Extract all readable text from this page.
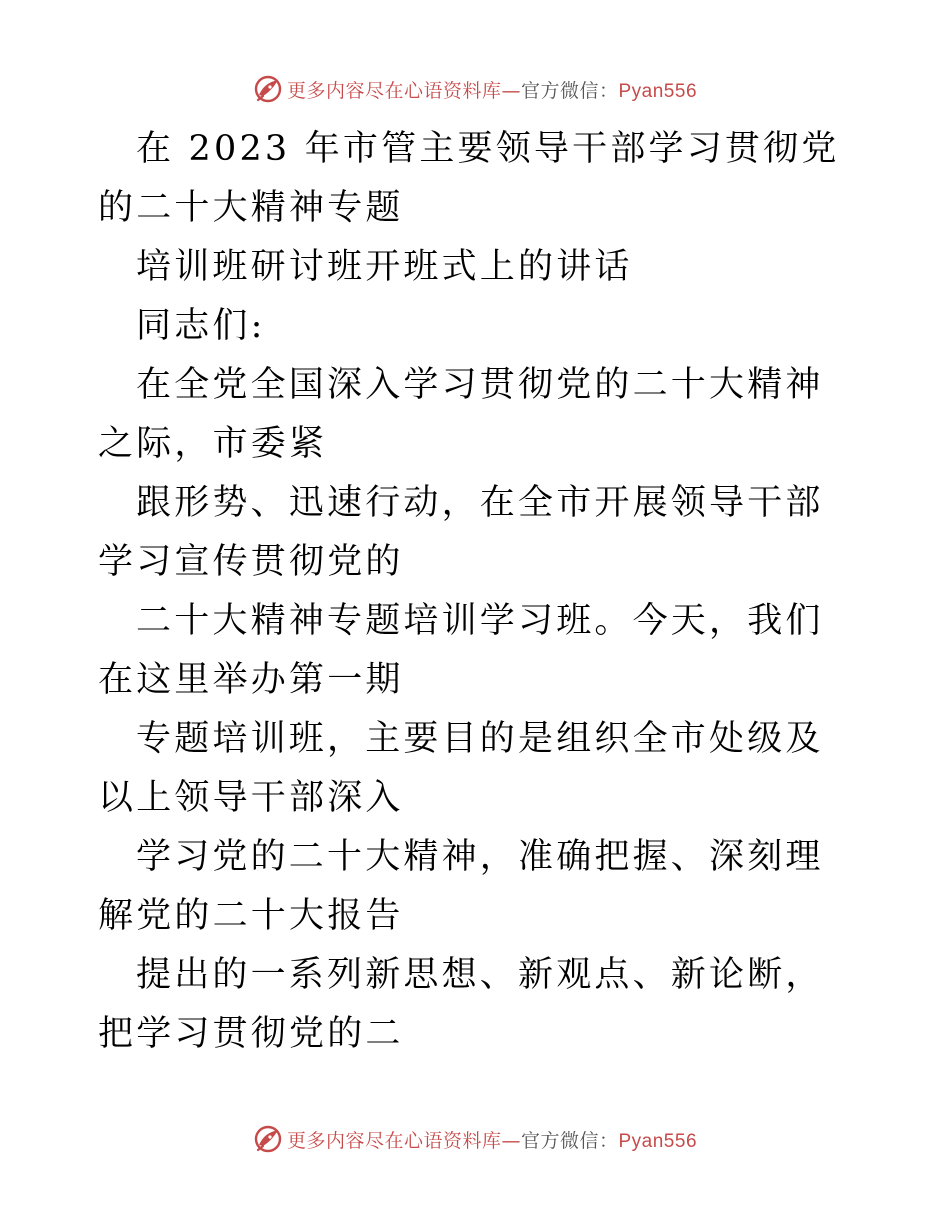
更多内容尽在心语资料库—官方微信：Pyan556

在 2023 年市管主要领导干部学习贯彻党的二十大精神专题

培训班研讨班开班式上的讲话

同志们:

在全党全国深入学习贯彻党的二十大精神之际，市委紧

跟形势、迅速行动，在全市开展领导干部学习宣传贯彻党的

二十大精神专题培训学习班。今天，我们在这里举办第一期

专题培训班，主要目的是组织全市处级及以上领导干部深入

学习党的二十大精神，准确把握、深刻理解党的二十大报告

提出的一系列新思想、新观点、新论断，把学习贯彻党的二

更多内容尽在心语资料库—官方微信：Pyan556
